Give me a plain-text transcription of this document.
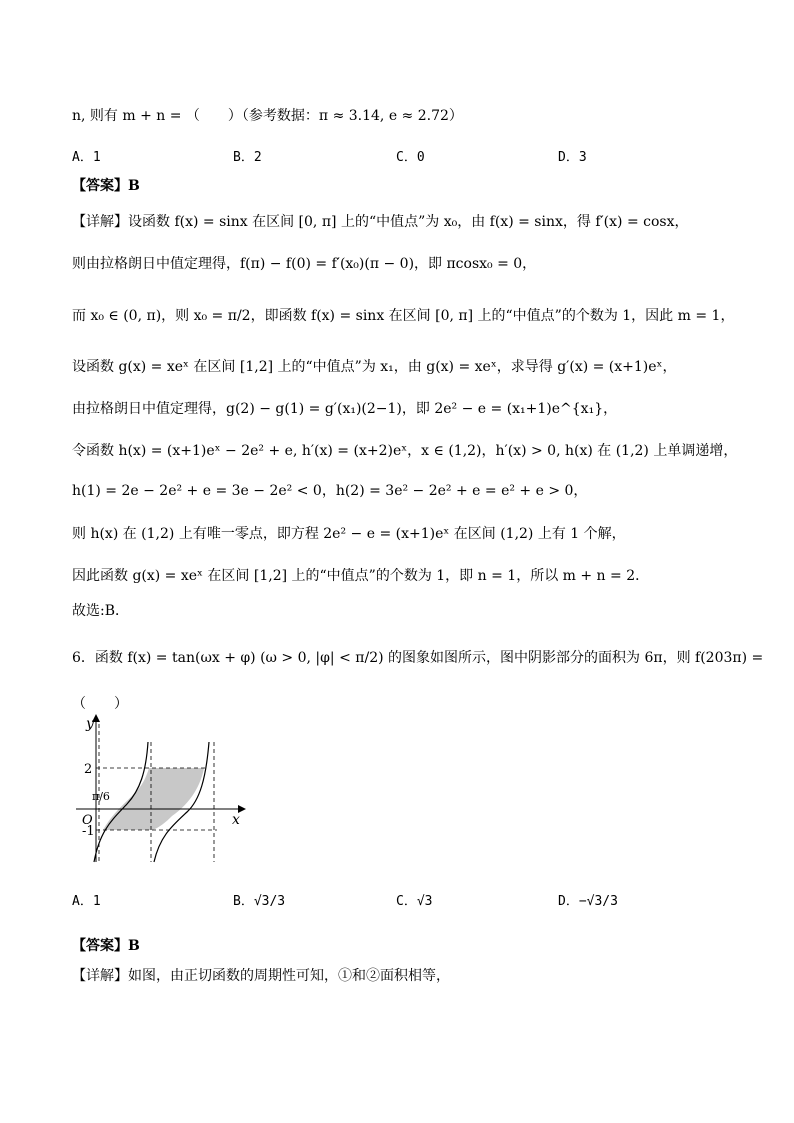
n, 则有 m + n = （　　）（参考数据：π ≈ 3.14, e ≈ 2.72）
A．1	B．2	C．0	D．3
【答案】B
【详解】设函数 f(x) = sinx 在区间 [0, π] 上的“中值点”为 x₀，由 f(x) = sinx，得 f′(x) = cosx，
则由拉格朗日中值定理得，f(π) − f(0) = f′(x₀)(π − 0)，即 πcosx₀ = 0，
而 x₀ ∈ (0, π)，则 x₀ = π/2，即函数 f(x) = sinx 在区间 [0, π] 上的“中值点”的个数为 1，因此 m = 1，
设函数 g(x) = xeˣ 在区间 [1,2] 上的“中值点”为 x₁，由 g(x) = xeˣ，求导得 g′(x) = (x+1)eˣ，
由拉格朗日中值定理得，g(2) − g(1) = g′(x₁)(2−1)，即 2e² − e = (x₁+1)e^{x₁}，
令函数 h(x) = (x+1)eˣ − 2e² + e, h′(x) = (x+2)eˣ，x ∈ (1,2)，h′(x) > 0, h(x) 在 (1,2) 上单调递增，
h(1) = 2e − 2e² + e = 3e − 2e² < 0，h(2) = 3e² − 2e² + e = e² + e > 0，
则 h(x) 在 (1,2) 上有唯一零点，即方程 2e² − e = (x+1)eˣ 在区间 (1,2) 上有 1 个解，
因此函数 g(x) = xeˣ 在区间 [1,2] 上的“中值点”的个数为 1，即 n = 1，所以 m + n = 2．
故选:B．
6．函数 f(x) = tan(ωx + φ) (ω > 0, |φ| < π/2) 的图象如图所示，图中阴影部分的面积为 6π，则 f(203π) =
（　　）
y
x
O
2
-1
π/6
A．1	B．√3/3	C．√3	D．−√3/3
【答案】B
【详解】如图，由正切函数的周期性可知，①和②面积相等，
